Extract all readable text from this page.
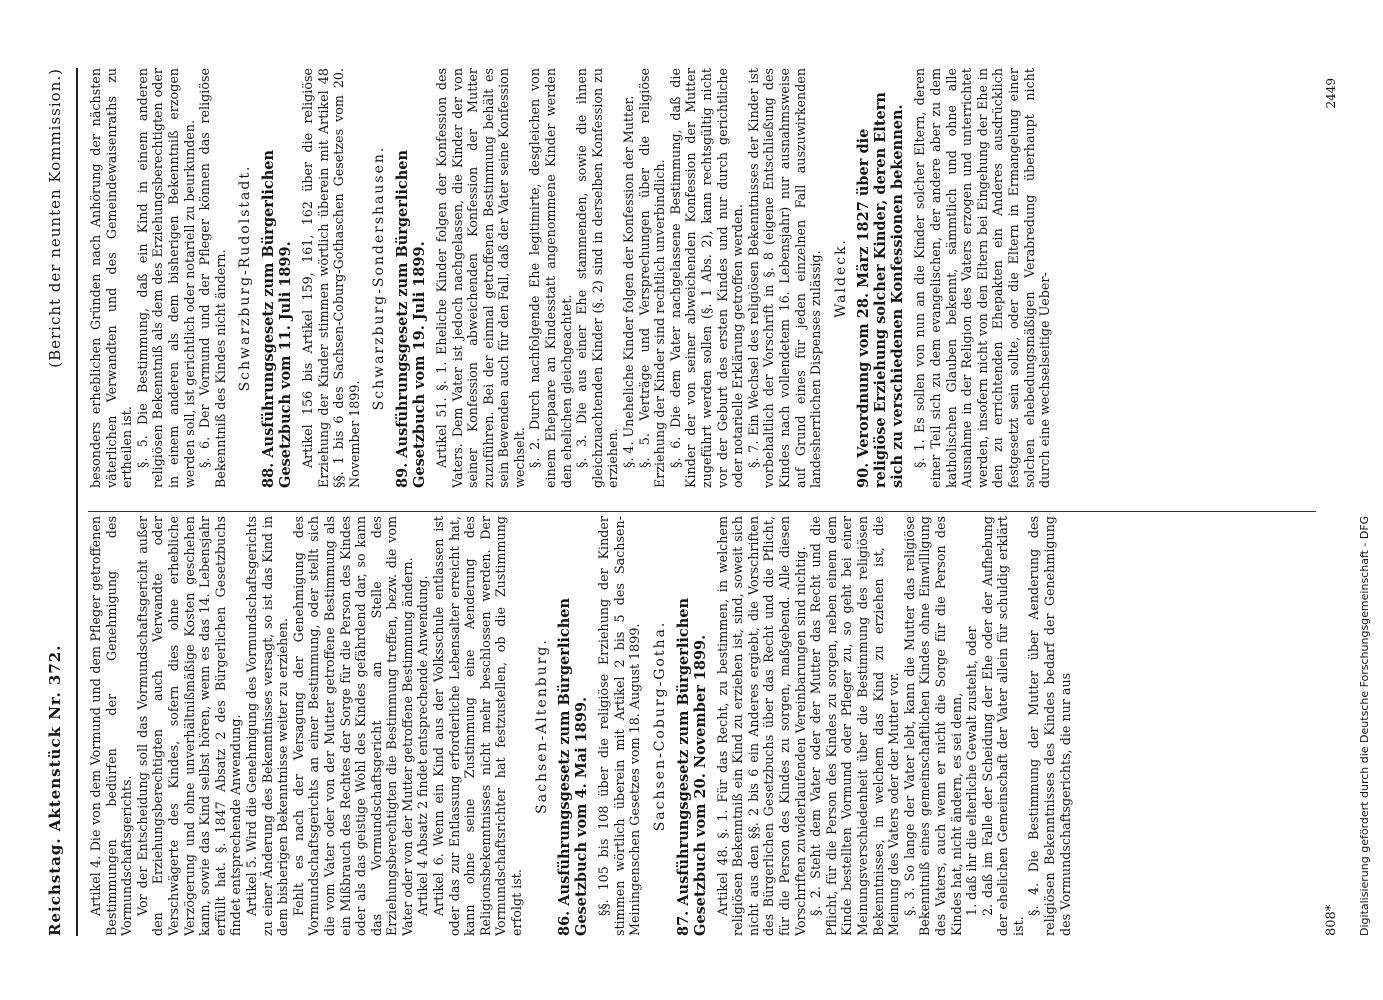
Reichstag. Aktenstück Nr. 372.
(Bericht der neunten Kommission.)

Artikel 4. Die von dem Vormund und dem Pfleger getroffenen Bestimmungen bedürfen der Genehmigung des Vormundschaftsgerichts. Vor der Entscheidung soll das Vormundschaftsgericht außer den Erziehungsberechtigten auch Verwandte oder Verschwägerte des Kindes, sofern dies ohne erhebliche Verzögerung und ohne unverhältnißmäßige Kosten geschehen kann, sowie das Kind selbst hören, wenn es das 14. Lebensjahr erfüllt hat. §. 1847 Absatz 2 des Bürgerlichen Gesetzbuchs findet entsprechende Anwendung. Artikel 5. Wird die Genehmigung des Vormundschaftsgerichts zu einer Änderung des Bekenntnisses versagt, so ist das Kind in dem bisherigen Bekenntnisse weiter zu erziehen. Fehlt es nach der Versagung der Genehmigung des Vormundschaftsgerichts an einer Bestimmung, oder stellt sich die vom Vater oder von der Mutter getroffene Bestimmung als ein Mißbrauch des Rechtes der Sorge für die Person des Kindes oder als das geistige Wohl des Kindes gefährdend dar, so kann das Vormundschaftsgericht an Stelle des Erziehungsberechtigten die Bestimmung treffen, bezw. die vom Vater oder von der Mutter getroffene Bestimmung ändern. Artikel 4 Absatz 2 findet entsprechende Anwendung. Artikel 6. Wenn ein Kind aus der Volksschule entlassen ist oder das zur Entlassung erforderliche Lebensalter erreicht hat, kann ohne seine Zustimmung eine Aenderung des Religionsbekenntnisses nicht mehr beschlossen werden. Der Vormundschaftsrichter hat festzustellen, ob die Zustimmung erfolgt ist.

Sachsen-Altenburg. 86. Ausführungsgesetz zum Bürgerlichen Gesetzbuch vom 4. Mai 1899. §§. 105 bis 108 über die religiöse Erziehung der Kinder stimmen wörtlich überein mit Artikel 2 bis 5 des Sachsen-Meiningenschen Gesetzes vom 18. August 1899. Sachsen-Coburg-Gotha. 87. Ausführungsgesetz zum Bürgerlichen Gesetzbuch vom 20. November 1899. Artikel 48. §. 1. Für das Recht, zu bestimmen, in welchem religiösen Bekenntniß ein Kind zu erziehen ist, sind, soweit sich nicht aus den §§. 2 bis 6 ein Anderes ergiebt, die Vorschriften des Bürgerlichen Gesetzbuchs über das Recht und die Pflicht, für die Person des Kindes zu sorgen, maßgebend. Alle diesen Vorschriften zuwiderlaufenden Vereinbarungen sind nichtig. §. 2. Steht dem Vater oder der Mutter das Recht und die Pflicht, für die Person des Kindes zu sorgen, neben einem dem Kinde bestellten Vormund oder Pfleger zu, so geht bei einer Meinungsverschiedenheit über die Bestimmung des religiösen Bekenntnisses, in welchem das Kind zu erziehen ist, die Meinung des Vaters oder der Mutter vor. §. 3. So lange der Vater lebt, kann die Mutter das religiöse Bekenntniß eines gemeinschaftlichen Kindes ohne Einwilligung des Vaters, auch wenn er nicht die Sorge für die Person des Kindes hat, nicht ändern, es sei denn, 1. daß ihr die elterliche Gewalt zusteht, oder 2. daß im Falle der Scheidung der Ehe oder der Aufhebung der ehelichen Gemeinschaft der Vater allein für schuldig erklärt ist.

§. 4. Die Bestimmung der Mutter über Aenderung des religiösen Bekenntnisses des Kindes bedarf der Genehmigung des Vormundschaftsgerichts, die nur aus

besonders erheblichen Gründen nach Anhörung der nächsten väterlichen Verwandten und des Gemeindewaisenraths zu ertheilen ist. §. 5. Die Bestimmung, daß ein Kind in einem anderen religiösen Bekenntniß als dem des Erziehungsberechtigten oder in einem anderen als dem bisherigen Bekenntniß erzogen werden soll, ist gerichtlich oder notariell zu beurkunden. §. 6. Der Vormund und der Pfleger können das religiöse Bekenntniß des Kindes nicht ändern. Schwarzburg-Rudolstadt. 88. Ausführungsgesetz zum Bürgerlichen Gesetzbuch vom 11. Juli 1899. Artikel 156 bis Artikel 159, 161, 162 über die religiöse Erziehung der Kinder stimmen wörtlich überein mit Artikel 48 §§. 1 bis 6 des Sachsen-Coburg-Gothaschen Gesetzes vom 20. November 1899.

Schwarzburg-Sondershausen. 89. Ausführungsgesetz zum Bürgerlichen Gesetzbuch vom 19. Juli 1899. Artikel 51. §. 1. Eheliche Kinder folgen der Konfession des Vaters. Dem Vater ist jedoch nachgelassen, die Kinder der von seiner Konfession abweichenden Konfession der Mutter zuzuführen. Bei der einmal getroffenen Bestimmung behält es sein Bewenden auch für den Fall, daß der Vater seine Konfession wechselt. §. 2. Durch nachfolgende Ehe legitimirte, desgleichen von einem Ehepaare an Kindesstatt angenommene Kinder werden den ehelichen gleichgeachtet. §. 3. Die aus einer Ehe stammenden, sowie die ihnen gleichzuachtenden Kinder (§. 2) sind in derselben Konfession zu erziehen. §. 4. Uneheliche Kinder folgen der Konfession der Mutter. §. 5. Verträge und Versprechungen über die religiöse Erziehung der Kinder sind rechtlich unverbindlich. §. 6. Die dem Vater nachgelassene Bestimmung, daß die Kinder der von seiner abweichenden Konfession der Mutter zugeführt werden sollen (§. 1 Abs. 2), kann rechtsgültig nicht vor der Geburt des ersten Kindes und nur durch gerichtliche oder notarielle Erklärung getroffen werden. §. 7. Ein Wechsel des religiösen Bekenntnisses der Kinder ist vorbehaltlich der Vorschrift in §. 8 (eigene Entschließung des Kindes nach vollendetem 16. Lebensjahr) nur ausnahmsweise auf Grund eines für jeden einzelnen Fall auszuwirkenden landesherrlichen Dispenses zulässig. Waldeck. 90. Verordnung vom 28. März 1827 über die religiöse Erziehung solcher Kinder, deren Eltern sich zu verschiedenen Konfessionen bekennen. §. 1. Es sollen von nun an die Kinder solcher Eltern, deren einer Teil sich zu dem evangelischen, der andere aber zu dem katholischen Glauben bekennt, sämmtlich und ohne alle Ausnahme in der Religion des Vaters erzogen und unterrichtet werden, insofern nicht von den Eltern bei Eingehung der Ehe in den zu errichtenden Ehepakten ein Anderes ausdrücklich festgesetzt sein sollte, oder die Eltern in Ermangelung einer solchen ehebedungsmäßigen Verabredung überhaupt nicht durch eine wechselseitige Ueber-

808*
2449
Digitalisierung gefördert durch die Deutsche Forschungsgemeinschaft - DFG
